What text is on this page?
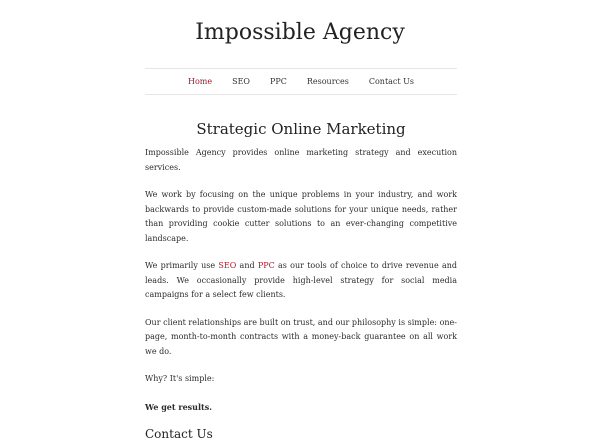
Impossible Agency
Home	SEO	PPC	Resources	Contact Us
Strategic Online Marketing

Impossible Agency provides online marketing strategy and execution services.

We work by focusing on the unique problems in your industry, and work backwards to provide custom-made solutions for your unique needs, rather than providing cookie cutter solutions to an ever-changing competitive landscape.

We primarily use SEO and PPC as our tools of choice to drive revenue and leads. We occasionally provide high-level strategy for social media campaigns for a select few clients.

Our client relationships are built on trust, and our philosophy is simple: one-page, month-to-month contracts with a money-back guarantee on all work we do.

Why? It's simple:

We get results.

Contact Us
